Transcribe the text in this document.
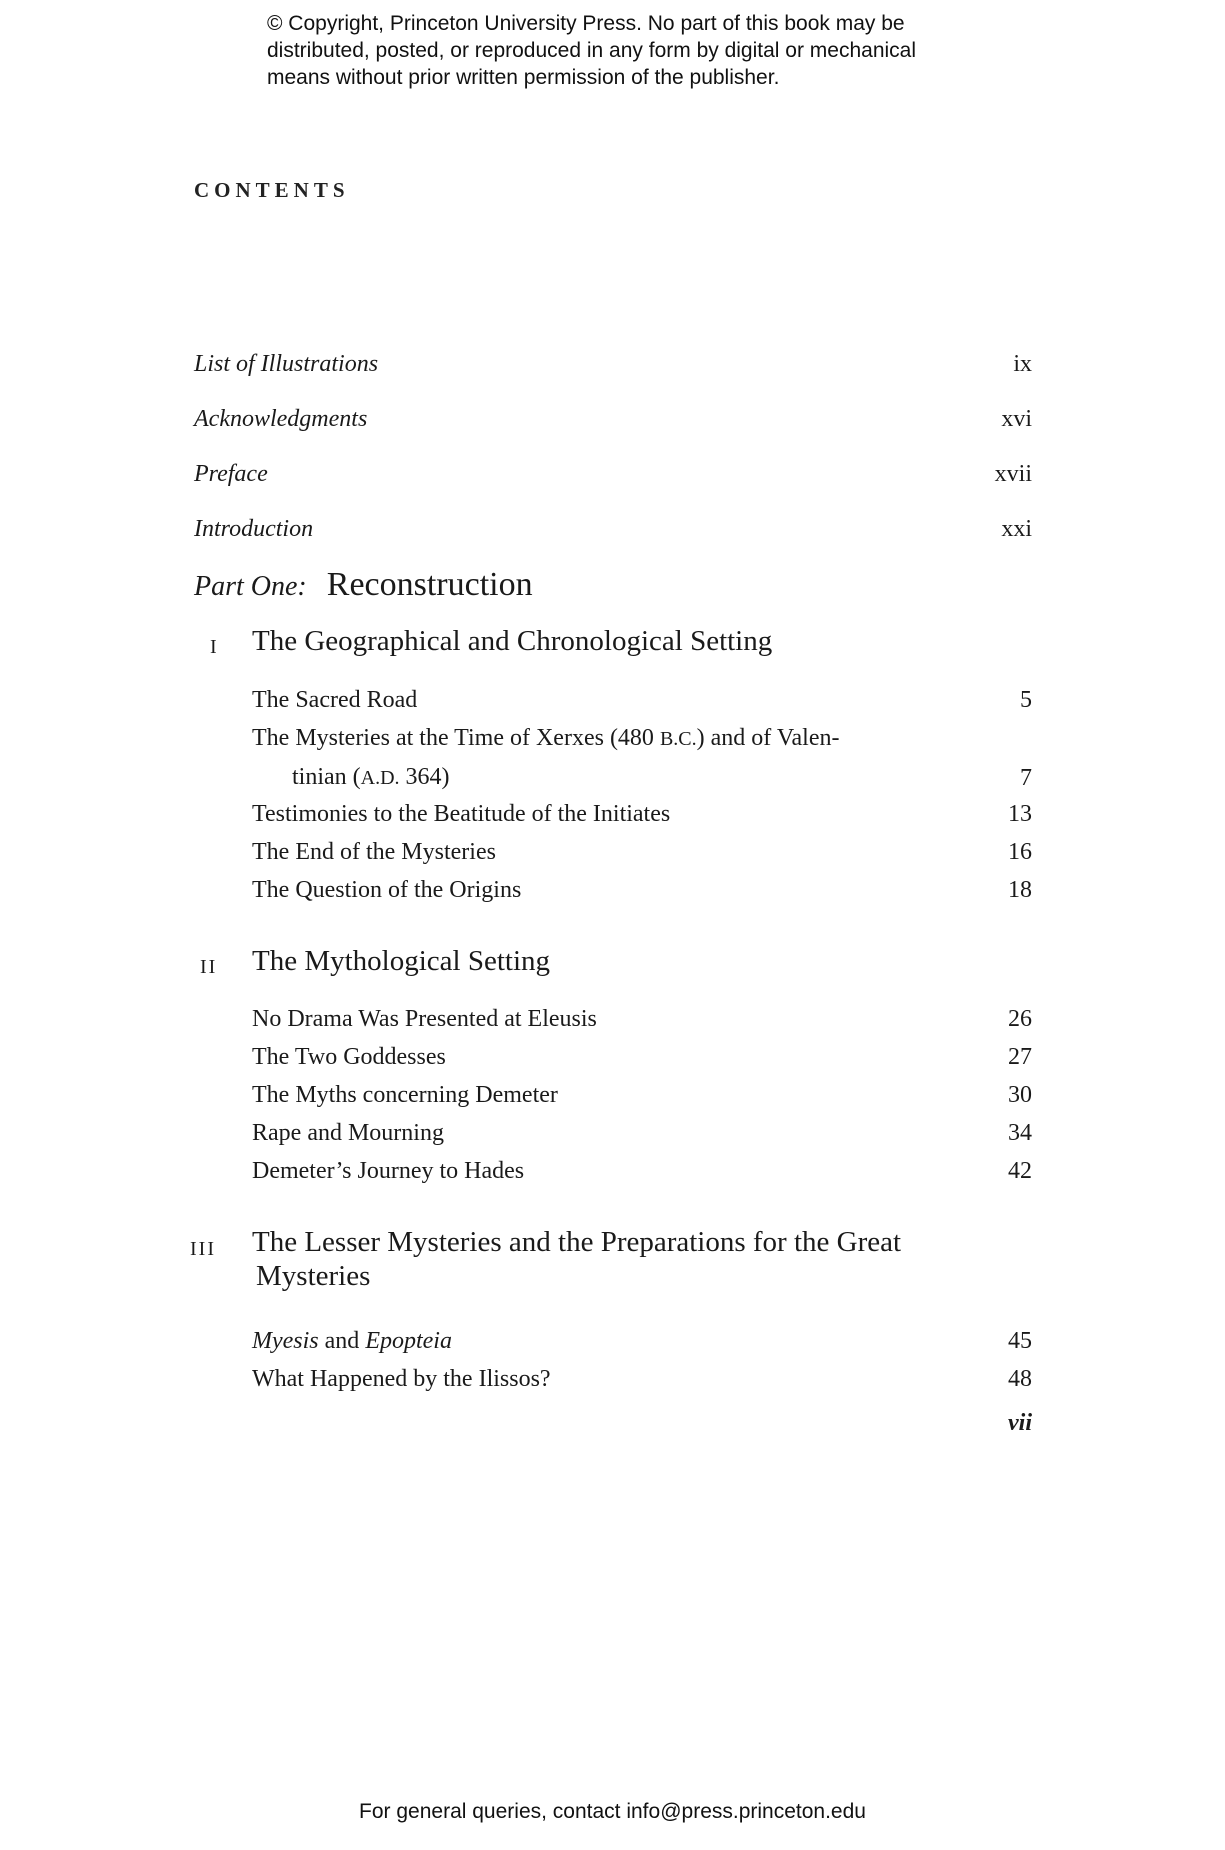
© Copyright, Princeton University Press. No part of this book may be
distributed, posted, or reproduced in any form by digital or mechanical
means without prior written permission of the publisher.
CONTENTS
List of Illustrations	ix
Acknowledgments	xvi
Preface	xvii
Introduction	xxi
Part One: Reconstruction
I The Geographical and Chronological Setting
The Sacred Road	5
The Mysteries at the Time of Xerxes (480 B.C.) and of Valen-
tinian (A.D. 364)	7
Testimonies to the Beatitude of the Initiates	13
The End of the Mysteries	16
The Question of the Origins	18
II The Mythological Setting
No Drama Was Presented at Eleusis	26
The Two Goddesses	27
The Myths concerning Demeter	30
Rape and Mourning	34
Demeter’s Journey to Hades	42
III The Lesser Mysteries and the Preparations for the Great
Mysteries
Myesis and Epopteia	45
What Happened by the Ilissos?	48
vii
For general queries, contact info@press.princeton.edu
